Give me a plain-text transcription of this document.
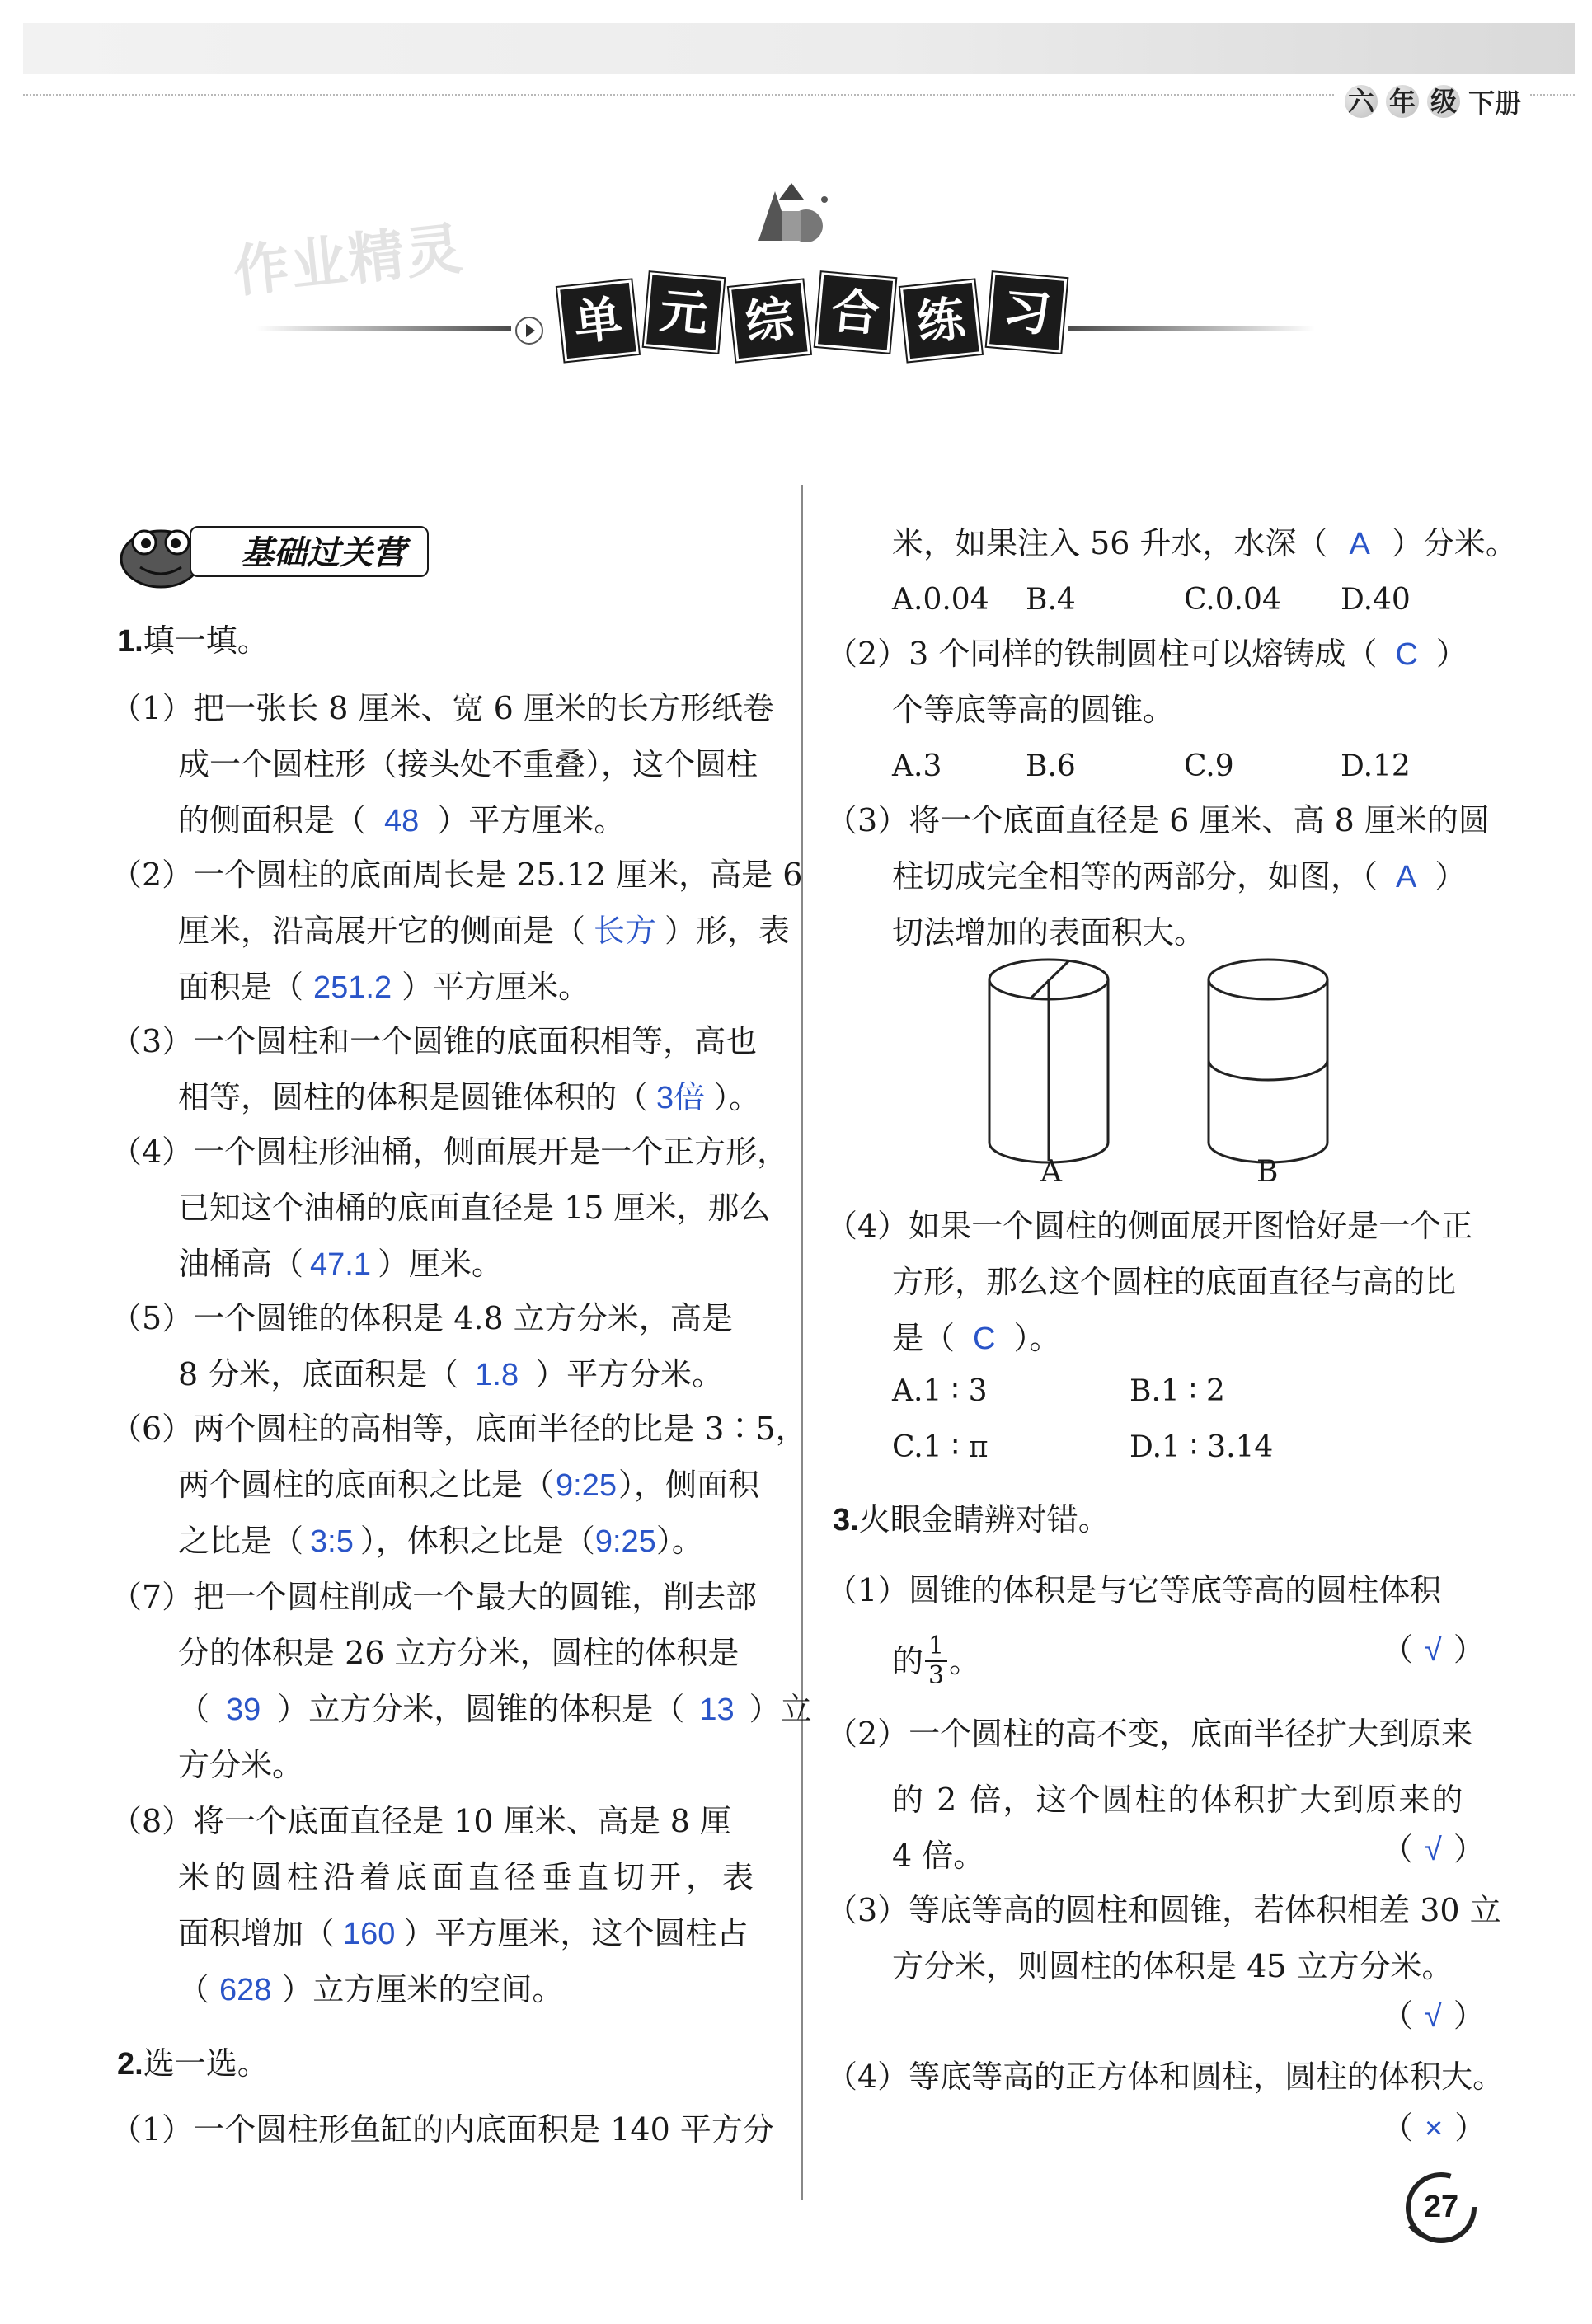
六 年 级 下册
作业精灵
单 元 综 合 练 习
基础过关营
1.填一填。
（1）把一张长 8 厘米、宽 6 厘米的长方形纸卷
成一个圆柱形（接头处不重叠），这个圆柱
的侧面积是（ 48 ）平方厘米。
（2）一个圆柱的底面周长是 25.12 厘米，高是 6
厘米，沿高展开它的侧面是（ 长方 ）形，表
面积是（ 251.2 ）平方厘米。
（3）一个圆柱和一个圆锥的底面积相等，高也
相等，圆柱的体积是圆锥体积的（ 3倍 ）。
（4）一个圆柱形油桶，侧面展开是一个正方形，
已知这个油桶的底面直径是 15 厘米，那么
油桶高（ 47.1 ）厘米。
（5）一个圆锥的体积是 4.8 立方分米，高是
8 分米，底面积是（ 1.8 ）平方分米。
（6）两个圆柱的高相等，底面半径的比是 3∶5，
两个圆柱的底面积之比是（9:25），侧面积
之比是（ 3:5 ），体积之比是（9:25）。
（7）把一个圆柱削成一个最大的圆锥，削去部
分的体积是 26 立方分米，圆柱的体积是
（ 39 ）立方分米，圆锥的体积是（ 13 ）立
方分米。
（8）将一个底面直径是 10 厘米、高是 8 厘
米的圆柱沿着底面直径垂直切开，表
面积增加（ 160 ）平方厘米，这个圆柱占
（ 628 ）立方厘米的空间。
2.选一选。
（1）一个圆柱形鱼缸的内底面积是 140 平方分
米，如果注入 56 升水，水深（ A ）分米。
A.0.04 B.4	C.0.04 D.40
（2）3 个同样的铁制圆柱可以熔铸成（ C ）
个等底等高的圆锥。
A.3	B.6	C.9	D.12
（3）将一个底面直径是 6 厘米、高 8 厘米的圆
柱切成完全相等的两部分，如图，（ A ）
切法增加的表面积大。
A	B
（4）如果一个圆柱的侧面展开图恰好是一个正
方形，那么这个圆柱的底面直径与高的比
是（ C ）。
A.1 ∶ 3	B.1 ∶ 2
C.1 ∶ π	D.1 ∶ 3.14
3.火眼金睛辨对错。
（1）圆锥的体积是与它等底等高的圆柱体积
的 $\frac{1}{3}$ 。	（ √ ）
（2）一个圆柱的高不变，底面半径扩大到原来
的 2 倍，这个圆柱的体积扩大到原来的
4 倍。	（ √ ）
（3）等底等高的圆柱和圆锥，若体积相差 30 立
方分米，则圆柱的体积是 45 立方分米。
（ √ ）
（4）等底等高的正方体和圆柱，圆柱的体积大。
（ × ）
27
